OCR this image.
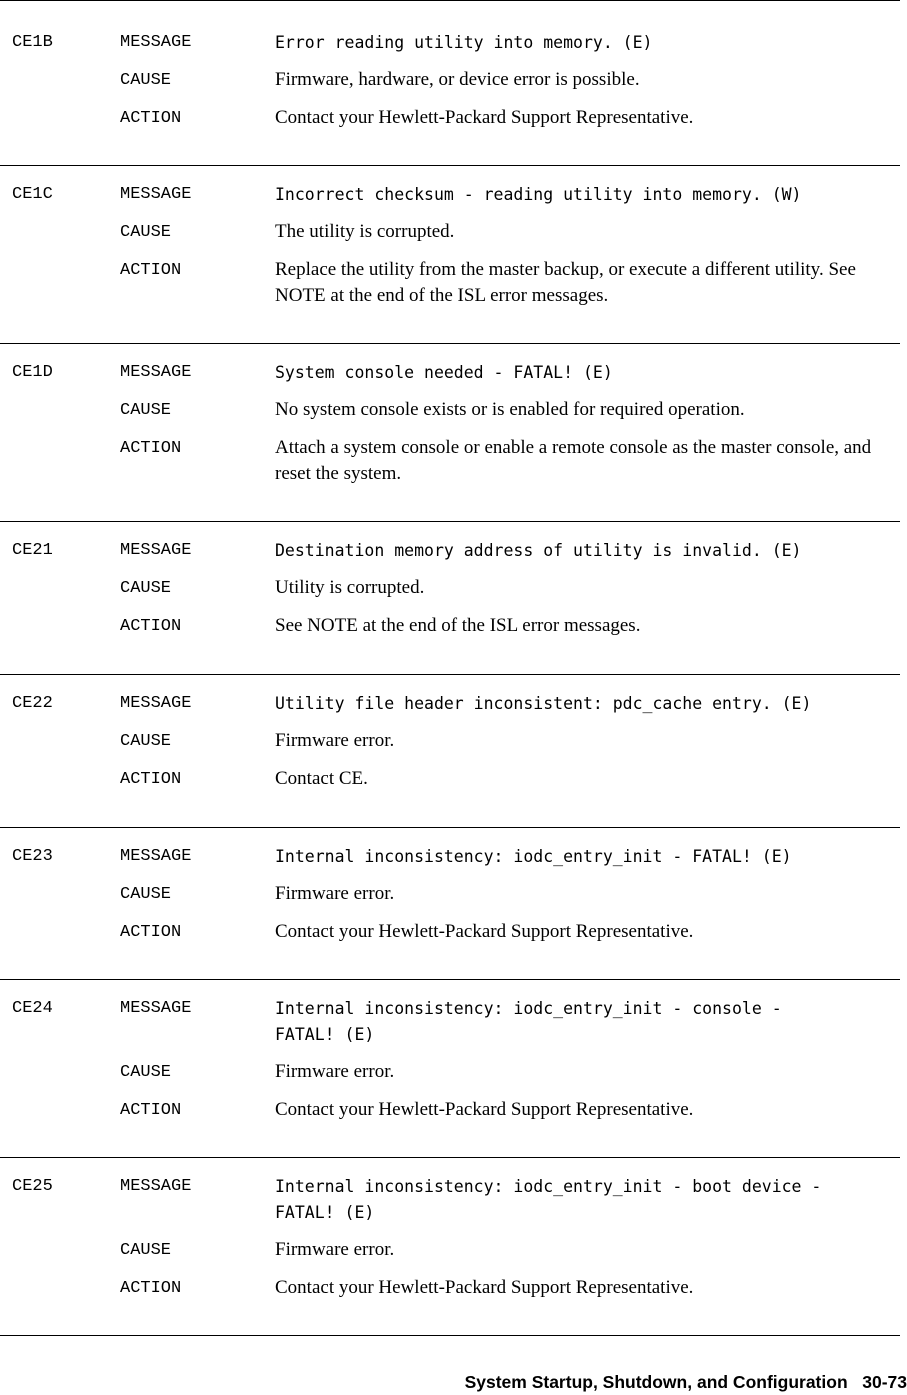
CE1B	MESSAGE	Error reading utility into memory. (E)
CAUSE	Firmware, hardware, or device error is possible.
ACTION	Contact your Hewlett-Packard Support Representative.
CE1C	MESSAGE	Incorrect checksum - reading utility into memory. (W)
CAUSE	The utility is corrupted.
ACTION	Replace the utility from the master backup, or execute a different utility. See NOTE at the end of the ISL error messages.
CE1D	MESSAGE	System console needed - FATAL! (E)
CAUSE	No system console exists or is enabled for required operation.
ACTION	Attach a system console or enable a remote console as the master console, and reset the system.
CE21	MESSAGE	Destination memory address of utility is invalid. (E)
CAUSE	Utility is corrupted.
ACTION	See NOTE at the end of the ISL error messages.
CE22	MESSAGE	Utility file header inconsistent: pdc_cache entry. (E)
CAUSE	Firmware error.
ACTION	Contact CE.
CE23	MESSAGE	Internal inconsistency: iodc_entry_init - FATAL! (E)
CAUSE	Firmware error.
ACTION	Contact your Hewlett-Packard Support Representative.
CE24	MESSAGE	Internal inconsistency: iodc_entry_init - console -
FATAL! (E)
CAUSE	Firmware error.
ACTION	Contact your Hewlett-Packard Support Representative.
CE25	MESSAGE	Internal inconsistency: iodc_entry_init - boot device -
FATAL! (E)
CAUSE	Firmware error.
ACTION	Contact your Hewlett-Packard Support Representative.
System Startup, Shutdown, and Configuration 30-73
